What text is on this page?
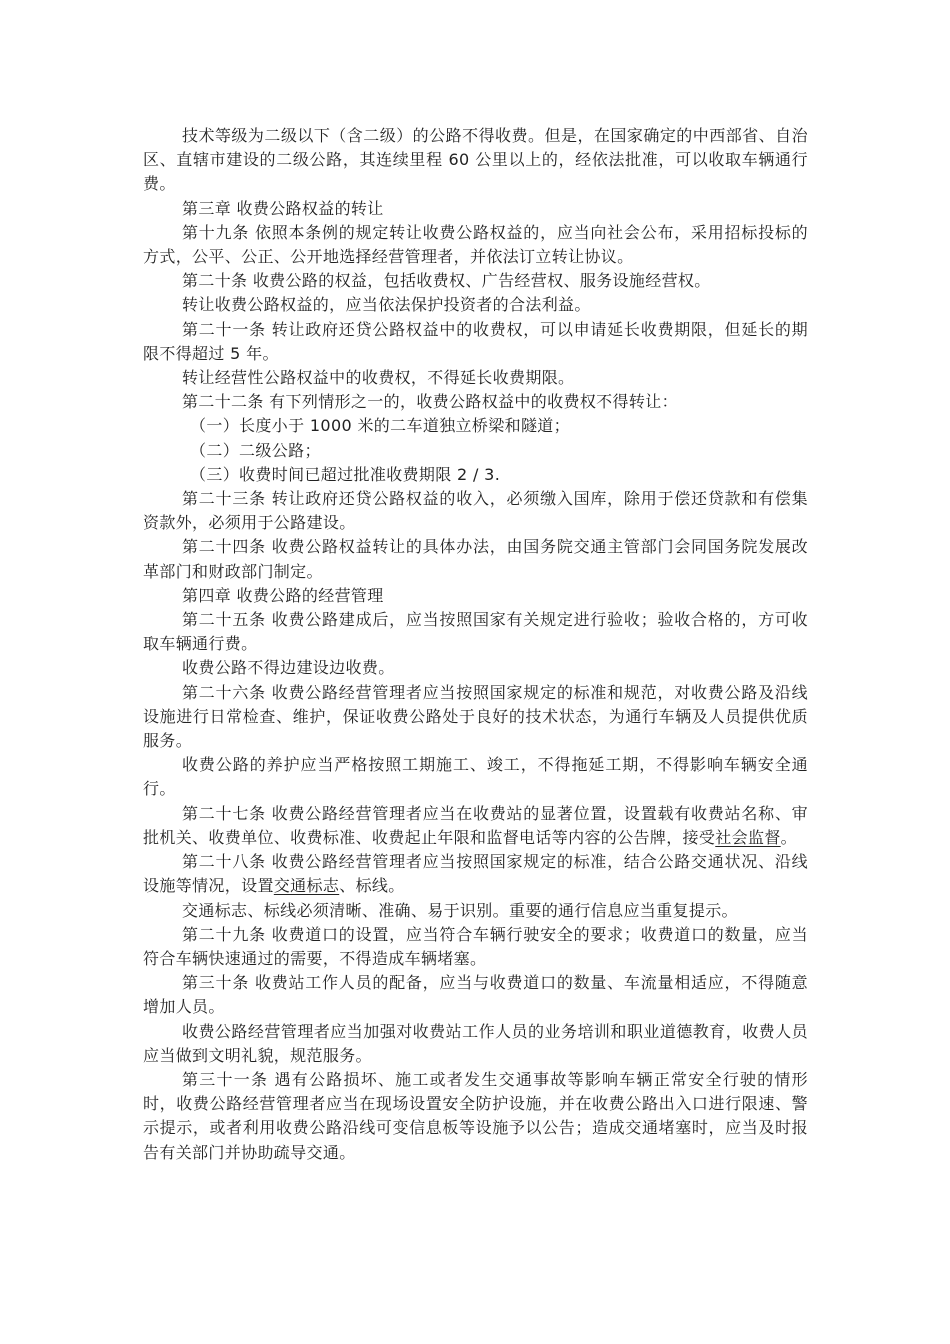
技术等级为二级以下（含二级）的公路不得收费。但是，在国家确定的中西部省、自治区、直辖市建设的二级公路，其连续里程 60 公里以上的，经依法批准，可以收取车辆通行费。

第三章 收费公路权益的转让

第十九条 依照本条例的规定转让收费公路权益的，应当向社会公布，采用招标投标的方式，公平、公正、公开地选择经营管理者，并依法订立转让协议。

第二十条 收费公路的权益，包括收费权、广告经营权、服务设施经营权。

转让收费公路权益的，应当依法保护投资者的合法利益。

第二十一条 转让政府还贷公路权益中的收费权，可以申请延长收费期限，但延长的期限不得超过 5 年。

转让经营性公路权益中的收费权，不得延长收费期限。

第二十二条 有下列情形之一的，收费公路权益中的收费权不得转让：

（一）长度小于 1000 米的二车道独立桥梁和隧道；

（二）二级公路；

（三）收费时间已超过批准收费期限 2 / 3.

第二十三条 转让政府还贷公路权益的收入，必须缴入国库，除用于偿还贷款和有偿集资款外，必须用于公路建设。

第二十四条 收费公路权益转让的具体办法，由国务院交通主管部门会同国务院发展改革部门和财政部门制定。

第四章 收费公路的经营管理

第二十五条 收费公路建成后，应当按照国家有关规定进行验收；验收合格的，方可收取车辆通行费。

收费公路不得边建设边收费。

第二十六条 收费公路经营管理者应当按照国家规定的标准和规范，对收费公路及沿线设施进行日常检查、维护，保证收费公路处于良好的技术状态，为通行车辆及人员提供优质服务。

收费公路的养护应当严格按照工期施工、竣工，不得拖延工期，不得影响车辆安全通行。

第二十七条 收费公路经营管理者应当在收费站的显著位置，设置载有收费站名称、审批机关、收费单位、收费标准、收费起止年限和监督电话等内容的公告牌，接受社会监督。

第二十八条 收费公路经营管理者应当按照国家规定的标准，结合公路交通状况、沿线设施等情况，设置交通标志、标线。

交通标志、标线必须清晰、准确、易于识别。重要的通行信息应当重复提示。

第二十九条 收费道口的设置，应当符合车辆行驶安全的要求；收费道口的数量，应当符合车辆快速通过的需要，不得造成车辆堵塞。

第三十条 收费站工作人员的配备，应当与收费道口的数量、车流量相适应，不得随意增加人员。

收费公路经营管理者应当加强对收费站工作人员的业务培训和职业道德教育，收费人员应当做到文明礼貌，规范服务。

第三十一条 遇有公路损坏、施工或者发生交通事故等影响车辆正常安全行驶的情形时，收费公路经营管理者应当在现场设置安全防护设施，并在收费公路出入口进行限速、警示提示，或者利用收费公路沿线可变信息板等设施予以公告；造成交通堵塞时，应当及时报告有关部门并协助疏导交通。
